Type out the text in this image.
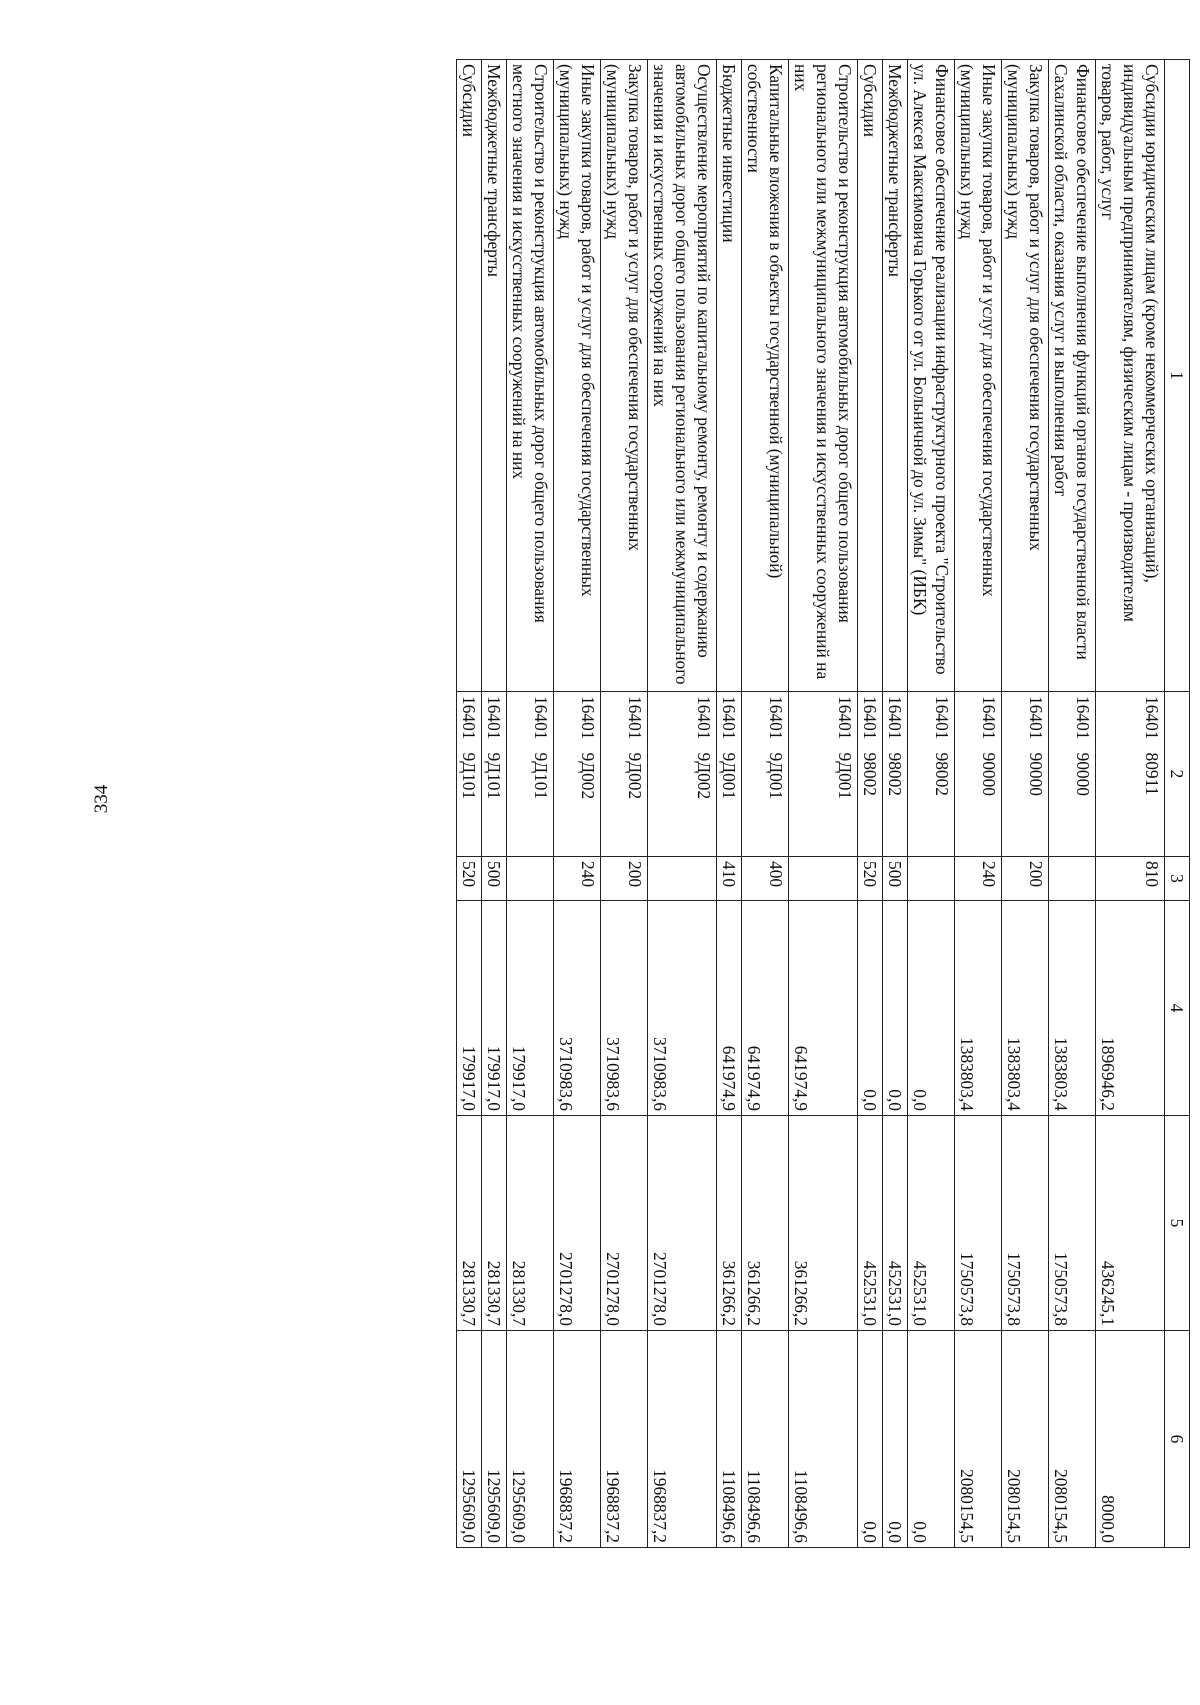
334
1	2	3	4	5	6
Субсидии юридическим лицам (кроме некоммерческих организаций), индивидуальным предпринимателям, физическим лицам - производителям товаров, работ, услуг	16401   80911	810	1896946,2	436245,1	8000,0
Финансовое обеспечение выполнения функций органов государственной власти Сахалинской области, оказания услуг и выполнения работ	16401   90000		1383803,4	1750573,8	2080154,5
Закупка товаров, работ и услуг для обеспечения государственных (муниципальных) нужд	16401   90000	200	1383803,4	1750573,8	2080154,5
Иные закупки товаров, работ и услуг для обеспечения государственных (муниципальных) нужд	16401   90000	240	1383803,4	1750573,8	2080154,5
Финансовое обеспечение реализации инфраструктурного проекта "Строительство ул. Алексея Максимовича Горького от ул. Больничной до ул. Зимы" (ИБК)	16401   98002		0,0	452531,0	0,0
Межбюджетные трансферты	16401   98002	500	0,0	452531,0	0,0
Субсидии	16401   98002	520	0,0	452531,0	0,0
Строительство и реконструкция автомобильных дорог общего пользования регионального или межмуниципального значения и искусственных сооружений на них	16401   9Д001		641974,9	361266,2	1108496,6
Капитальные вложения в объекты государственной (муниципальной) собственности	16401   9Д001	400	641974,9	361266,2	1108496,6
Бюджетные инвестиции	16401   9Д001	410	641974,9	361266,2	1108496,6
Осуществление мероприятий по капитальному ремонту, ремонту и содержанию автомобильных дорог общего пользования регионального или межмуниципального значения и искусственных сооружений на них	16401   9Д002		3710983,6	2701278,0	1968837,2
Закупка товаров, работ и услуг для обеспечения государственных (муниципальных) нужд	16401   9Д002	200	3710983,6	2701278,0	1968837,2
Иные закупки товаров, работ и услуг для обеспечения государственных (муниципальных) нужд	16401   9Д002	240	3710983,6	2701278,0	1968837,2
Строительство и реконструкция автомобильных дорог общего пользования местного значения и искусственных сооружений на них	16401   9Д101		179917,0	281330,7	1295609,0
Межбюджетные трансферты	16401   9Д101	500	179917,0	281330,7	1295609,0
Субсидии	16401   9Д101	520	179917,0	281330,7	1295609,0
